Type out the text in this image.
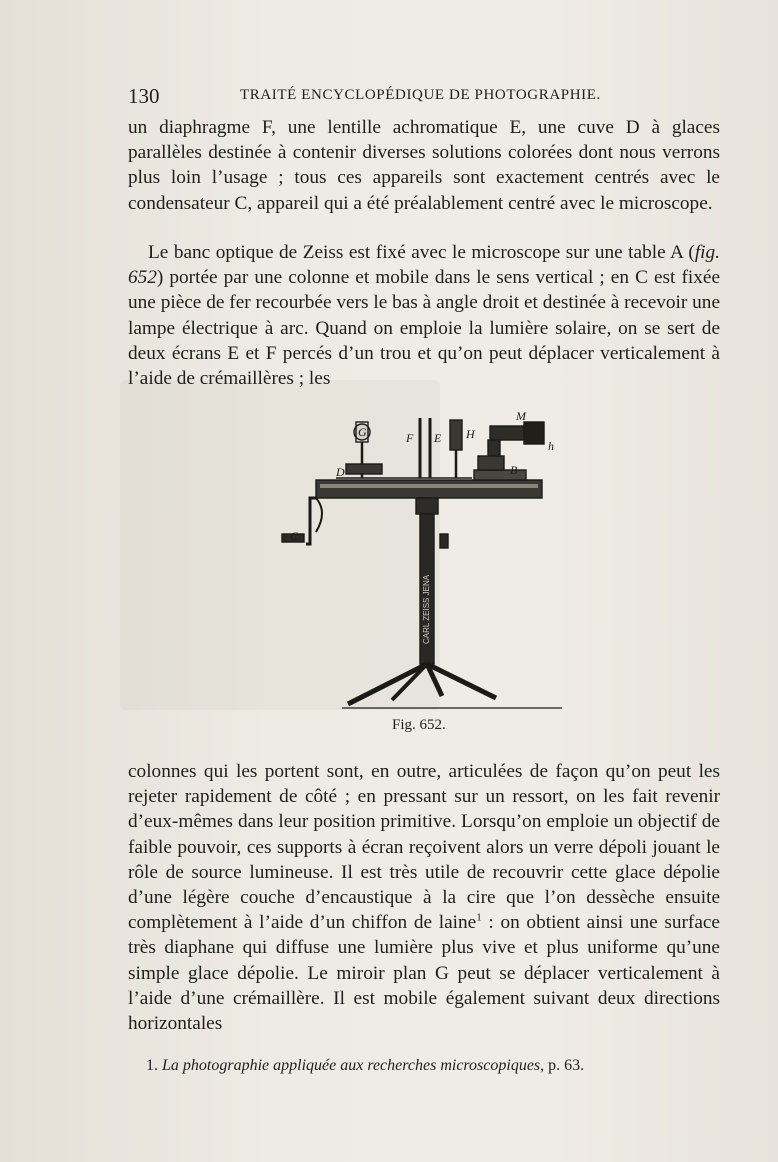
130	TRAITÉ ENCYCLOPÉDIQUE DE PHOTOGRAPHIE.

un diaphragme F, une lentille achromatique E, une cuve D à glaces parallèles destinée à contenir diverses solutions colorées dont nous verrons plus loin l’usage ; tous ces appareils sont exactement centrés avec le condensateur C, appareil qui a été préalablement centré avec le microscope.

Le banc optique de Zeiss est fixé avec le microscope sur une table A (fig. 652) portée par une colonne et mobile dans le sens vertical ; en C est fixée une pièce de fer recourbée vers le bas à angle droit et destinée à recevoir une lampe électrique à arc. Quand on emploie la lumière solaire, on se sert de deux écrans E et F percés d’un trou et qu’on peut déplacer verticalement à l’aide de crémaillères ; les

CARL ZEISS JENA
G	F E H
M
h
D	B
C
Fig. 652.

colonnes qui les portent sont, en outre, articulées de façon qu’on peut les rejeter rapidement de côté ; en pressant sur un ressort, on les fait revenir d’eux-mêmes dans leur position primitive. Lorsqu’on emploie un objectif de faible pouvoir, ces supports à écran reçoivent alors un verre dépoli jouant le rôle de source lumineuse. Il est très utile de recouvrir cette glace dépolie d’une légère couche d’encaustique à la cire que l’on dessèche ensuite complètement à l’aide d’un chiffon de laine$^1$ : on obtient ainsi une surface très diaphane qui diffuse une lumière plus vive et plus uniforme qu’une simple glace dépolie. Le miroir plan G peut se déplacer verticalement à l’aide d’une crémaillère. Il est mobile également suivant deux directions horizontales

1. La photographie appliquée aux recherches microscopiques, p. 63.
